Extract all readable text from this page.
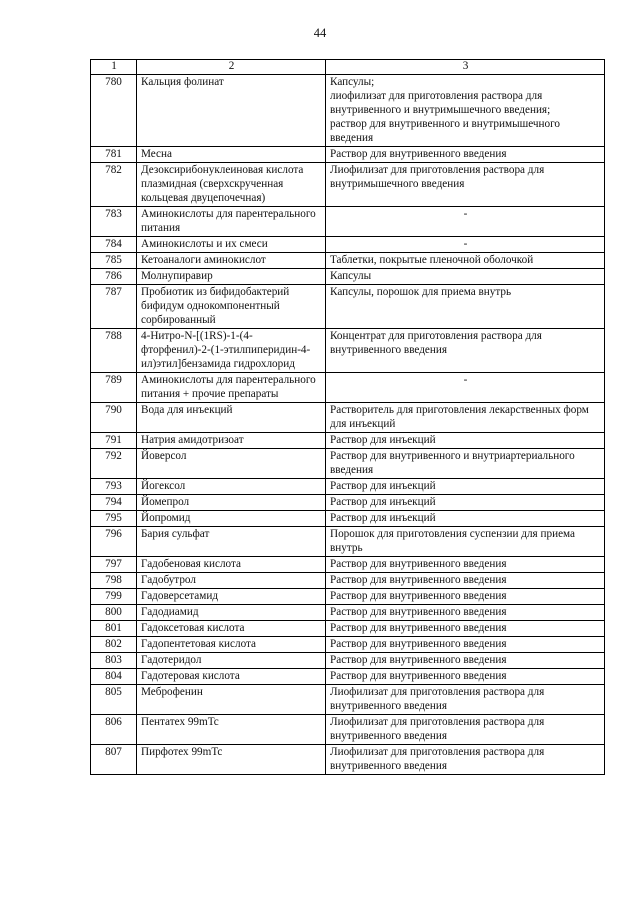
44
1	2	3
780	Кальция фолинат	Капсулы;
лиофилизат для приготовления раствора для внутривенного и внутримышечного введения;
раствор для внутривенного и внутримышечного введения
781	Месна	Раствор для внутривенного введения
782	Дезоксирибонуклеиновая кислота плазмидная (сверхскрученная кольцевая двуцепочечная)	Лиофилизат для приготовления раствора для внутримышечного введения
783	Аминокислоты для парентерального питания	-
784	Аминокислоты и их смеси	-
785	Кетоаналоги аминокислот	Таблетки, покрытые пленочной оболочкой
786	Молнупиравир	Капсулы
787	Пробиотик из бифидобактерий бифидум однокомпонентный сорбированный	Капсулы, порошок для приема внутрь
788	4-Нитро-N-[(1RS)-1-(4-фторфенил)-2-(1-этилпиперидин-4-ил)этил]бензамида гидрохлорид	Концентрат для приготовления раствора для внутривенного введения
789	Аминокислоты для парентерального питания + прочие препараты	-
790	Вода для инъекций	Растворитель для приготовления лекарственных форм для инъекций
791	Натрия амидотризоат	Раствор для инъекций
792	Йоверсол	Раствор для внутривенного и внутриартериального введения
793	Йогексол	Раствор для инъекций
794	Йомепрол	Раствор для инъекций
795	Йопромид	Раствор для инъекций
796	Бария сульфат	Порошок для приготовления суспензии для приема внутрь
797	Гадобеновая кислота	Раствор для внутривенного введения
798	Гадобутрол	Раствор для внутривенного введения
799	Гадоверсетамид	Раствор для внутривенного введения
800	Гадодиамид	Раствор для внутривенного введения
801	Гадоксетовая кислота	Раствор для внутривенного введения
802	Гадопентетовая кислота	Раствор для внутривенного введения
803	Гадотеридол	Раствор для внутривенного введения
804	Гадотеровая кислота	Раствор для внутривенного введения
805	Меброфенин	Лиофилизат для приготовления раствора для внутривенного введения
806	Пентатех 99mTc	Лиофилизат для приготовления раствора для внутривенного введения
807	Пирфотех 99mTc	Лиофилизат для приготовления раствора для внутривенного введения
